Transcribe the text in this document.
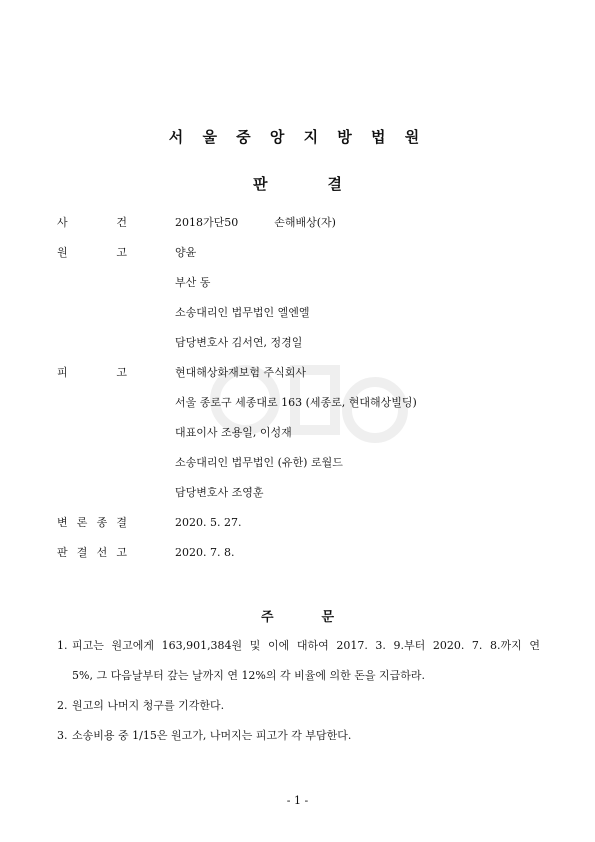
서 울 중 앙 지 방 법 원
판	결
사	건	2018가단50	손해배상(자)
원	고	양윤
부산 동
소송대리인 법무법인 엘엔엘
담당변호사 김서연, 정경일
피	고	현대해상화재보험 주식회사
서울 종로구 세종대로 163 (세종로, 현대해상빌딩)
대표이사 조용일, 이성재
소송대리인 법무법인 (유한) 로월드
담당변호사 조영훈
변 론 종 결	2020. 5. 27.
판 결 선 고	2020. 7. 8.
주	문
1. 피고는 원고에게 163,901,384원 및 이에 대하여 2017. 3. 9.부터 2020. 7. 8.까지 연
5%, 그 다음날부터 갚는 날까지 연 12%의 각 비율에 의한 돈을 지급하라.
2. 원고의 나머지 청구를 기각한다.
3. 소송비용 중 1/15은 원고가, 나머지는 피고가 각 부담한다.
- 1 -
